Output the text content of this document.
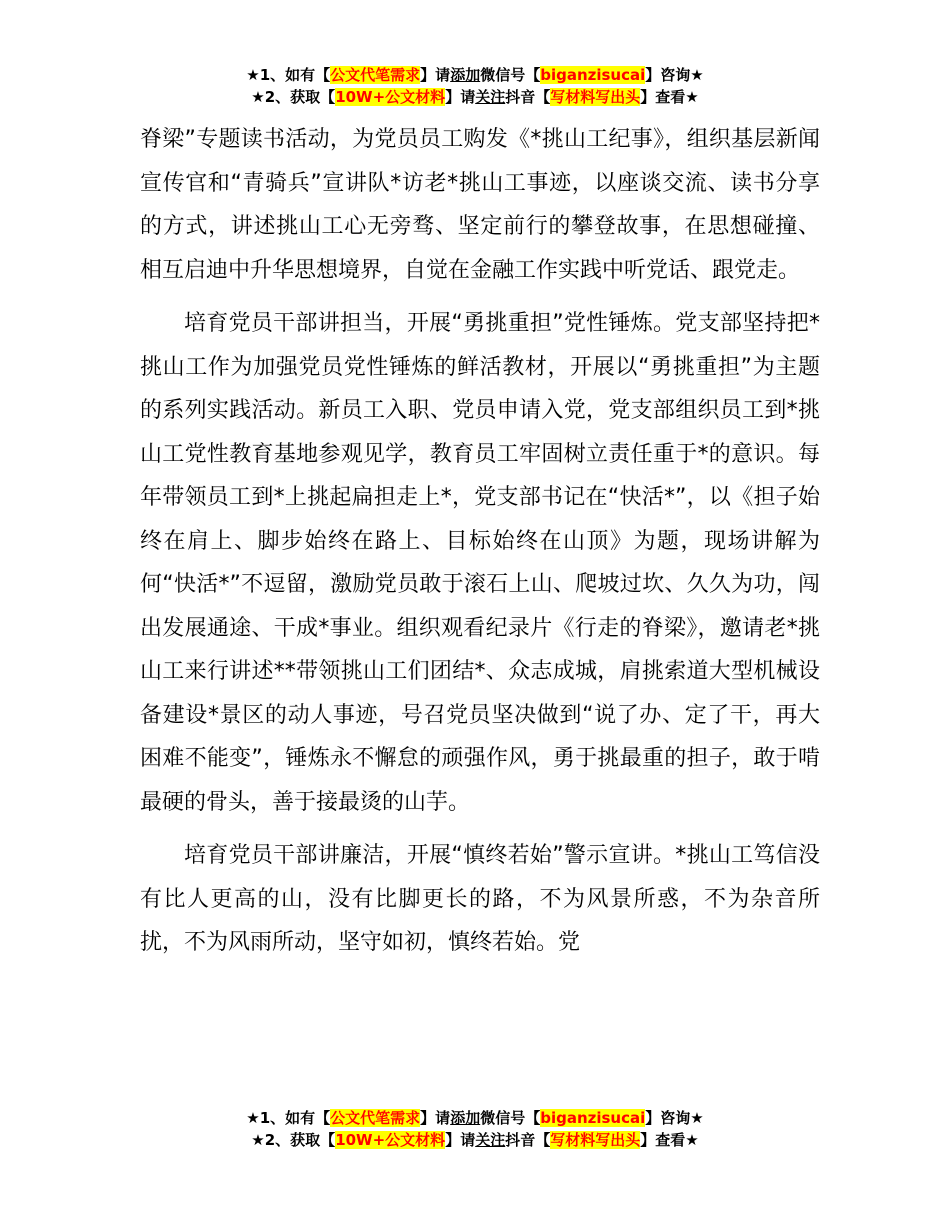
★1、如有【公文代笔需求】请添加微信号【biganzisucai】咨询★
★2、获取【10W+公文材料】请关注抖音【写材料写出头】查看★

脊梁”专题读书活动，为党员员工购发《*挑山工纪事》，组织基层新闻宣传官和“青骑兵”宣讲队*访老*挑山工事迹，以座谈交流、读书分享的方式，讲述挑山工心无旁骛、坚定前行的攀登故事，在思想碰撞、相互启迪中升华思想境界，自觉在金融工作实践中听党话、跟党走。

培育党员干部讲担当，开展“勇挑重担”党性锤炼。党支部坚持把*挑山工作为加强党员党性锤炼的鲜活教材，开展以“勇挑重担”为主题的系列实践活动。新员工入职、党员申请入党，党支部组织员工到*挑山工党性教育基地参观见学，教育员工牢固树立责任重于*的意识。每年带领员工到*上挑起扁担走上*，党支部书记在“快活*”，以《担子始终在肩上、脚步始终在路上、目标始终在山顶》为题，现场讲解为何“快活*”不逗留，激励党员敢于滚石上山、爬坡过坎、久久为功，闯出发展通途、干成*事业。组织观看纪录片《行走的脊梁》，邀请老*挑山工来行讲述**带领挑山工们团结*、众志成城，肩挑索道大型机械设备建设*景区的动人事迹，号召党员坚决做到“说了办、定了干，再大困难不能变”，锤炼永不懈怠的顽强作风，勇于挑最重的担子，敢于啃最硬的骨头，善于接最烫的山芋。

培育党员干部讲廉洁，开展“慎终若始”警示宣讲。*挑山工笃信没有比人更高的山，没有比脚更长的路，不为风景所惑，不为杂音所扰，不为风雨所动，坚守如初，慎终若始。党

★1、如有【公文代笔需求】请添加微信号【biganzisucai】咨询★
★2、获取【10W+公文材料】请关注抖音【写材料写出头】查看★
